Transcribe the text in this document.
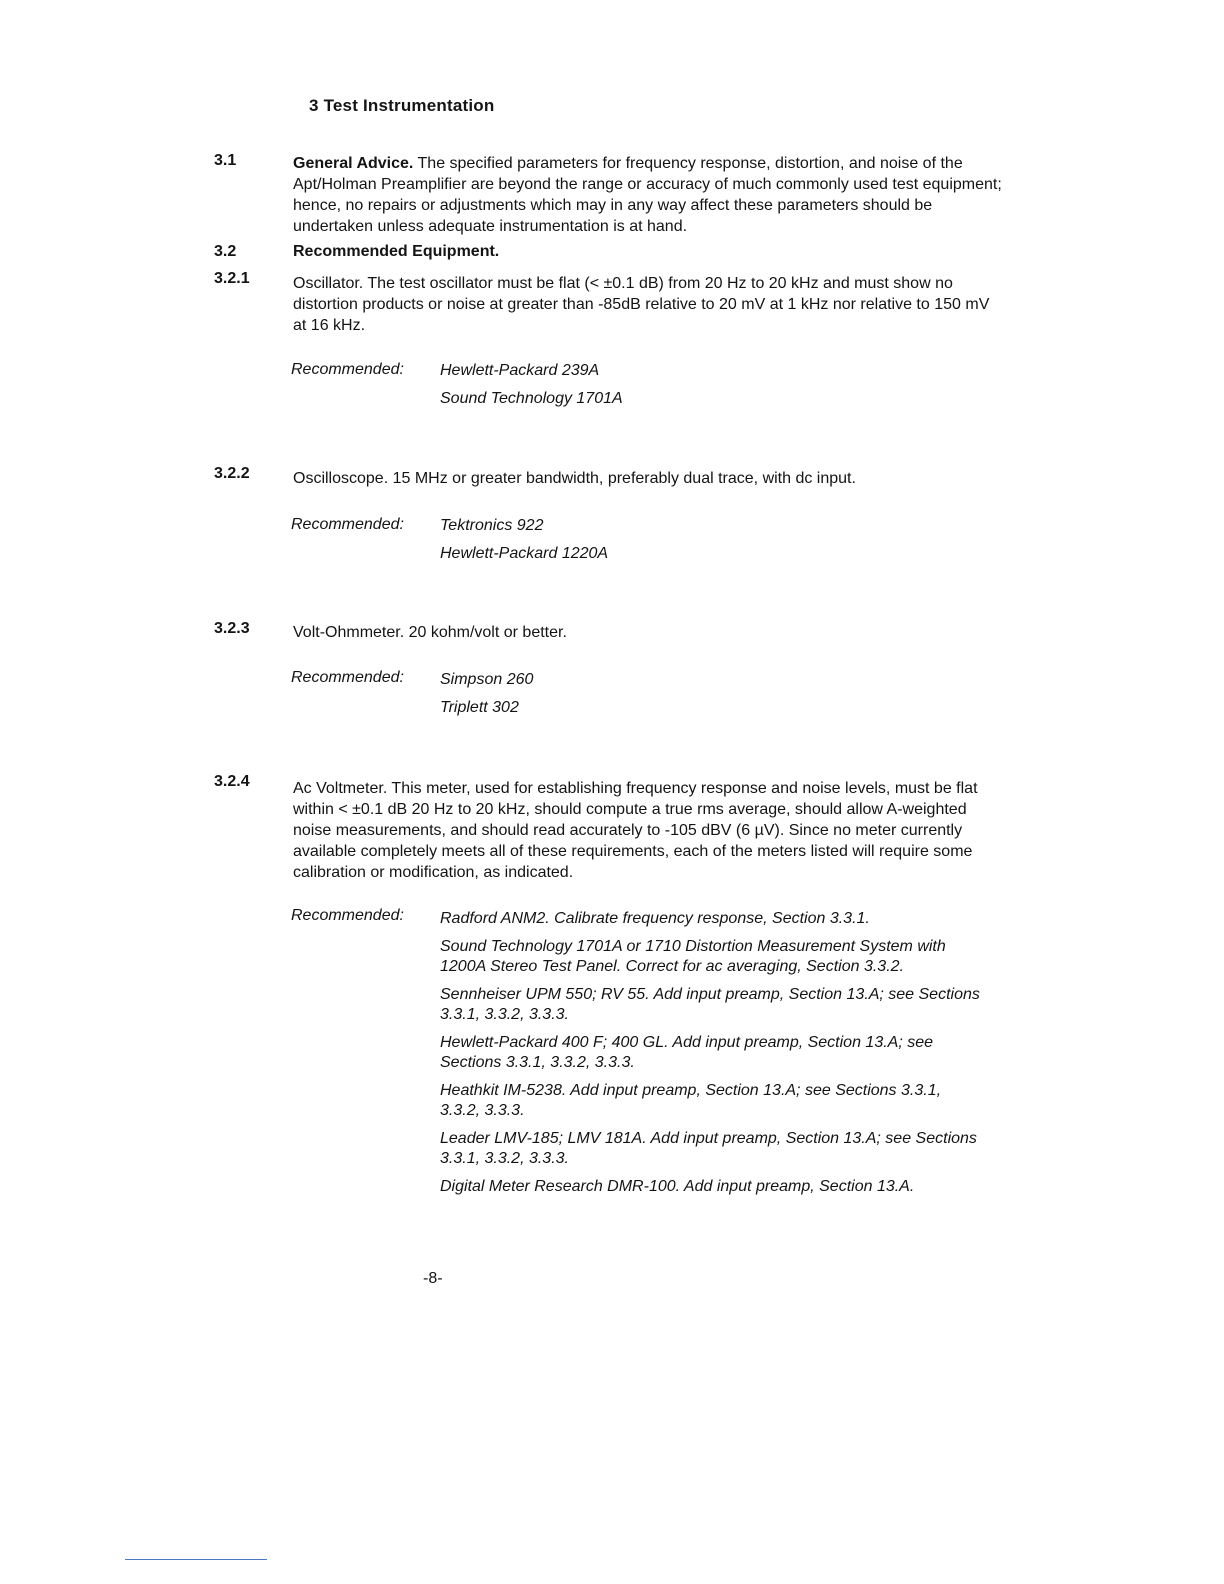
3 Test Instrumentation
3.1	General Advice. The specified parameters for frequency response, distortion, and noise of the Apt/Holman Preamplifier are beyond the range or accuracy of much commonly used test equipment; hence, no repairs or adjustments which may in any way affect these parameters should be undertaken unless adequate instrumentation is at hand.
3.2	Recommended Equipment.
3.2.1	Oscillator. The test oscillator must be flat (< ±0.1 dB) from 20 Hz to 20 kHz and must show no distortion products or noise at greater than -85dB relative to 20 mV at 1 kHz nor relative to 150 mV at 16 kHz.
Recommended: Hewlett-Packard 239A
Sound Technology 1701A
3.2.2	Oscilloscope. 15 MHz or greater bandwidth, preferably dual trace, with dc input.
Recommended: Tektronics 922
Hewlett-Packard 1220A
3.2.3	Volt-Ohmmeter. 20 kohm/volt or better.
Recommended: Simpson 260
Triplett 302
3.2.4	Ac Voltmeter. This meter, used for establishing frequency response and noise levels, must be flat within < ±0.1 dB 20 Hz to 20 kHz, should compute a true rms average, should allow A-weighted noise measurements, and should read accurately to -105 dBV (6 µV). Since no meter currently available completely meets all of these requirements, each of the meters listed will require some calibration or modification, as indicated.
Recommended: Radford ANM2. Calibrate frequency response, Section 3.3.1.
Sound Technology 1701A or 1710 Distortion Measurement System with 1200A Stereo Test Panel. Correct for ac averaging, Section 3.3.2.
Sennheiser UPM 550; RV 55. Add input preamp, Section 13.A; see Sections 3.3.1, 3.3.2, 3.3.3.
Hewlett-Packard 400 F; 400 GL. Add input preamp, Section 13.A; see Sections 3.3.1, 3.3.2, 3.3.3.
Heathkit IM-5238. Add input preamp, Section 13.A; see Sections 3.3.1, 3.3.2, 3.3.3.
Leader LMV-185; LMV 181A. Add input preamp, Section 13.A; see Sections 3.3.1, 3.3.2, 3.3.3.
Digital Meter Research DMR-100. Add input preamp, Section 13.A.
-8-
